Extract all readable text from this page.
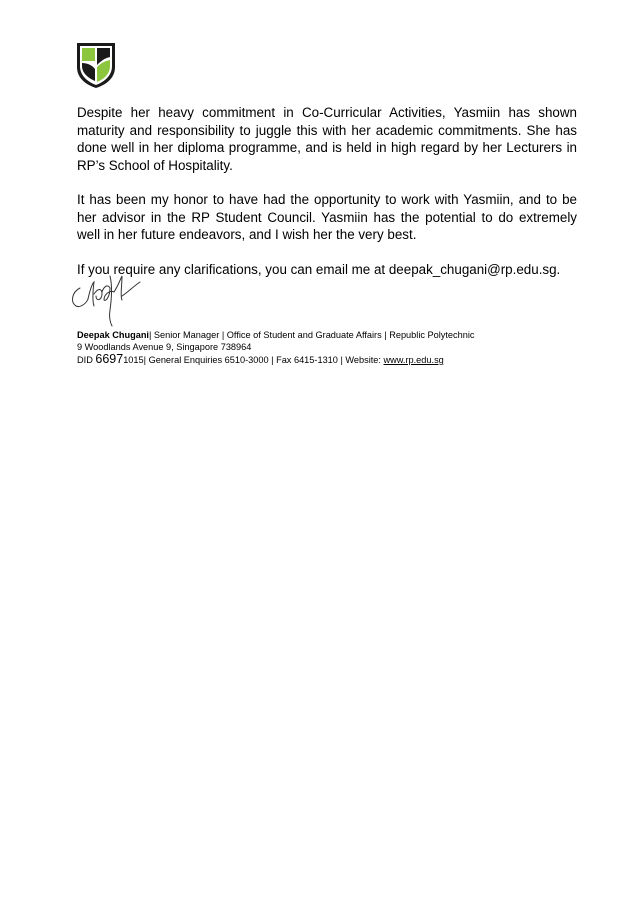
Despite her heavy commitment in Co-Curricular Activities, Yasmiin has shown maturity and responsibility to juggle this with her academic commitments. She has done well in her diploma programme, and is held in high regard by her Lecturers in RP’s School of Hospitality.

It has been my honor to have had the opportunity to work with Yasmiin, and to be her advisor in the RP Student Council. Yasmiin has the potential to do extremely well in her future endeavors, and I wish her the very best.

If you require any clarifications, you can email me at deepak_chugani@rp.edu.sg.

Deepak Chugani| Senior Manager | Office of Student and Graduate Affairs | Republic Polytechnic
9 Woodlands Avenue 9, Singapore 738964
DID 66971015| General Enquiries 6510-3000 | Fax 6415-1310 | Website: www.rp.edu.sg
